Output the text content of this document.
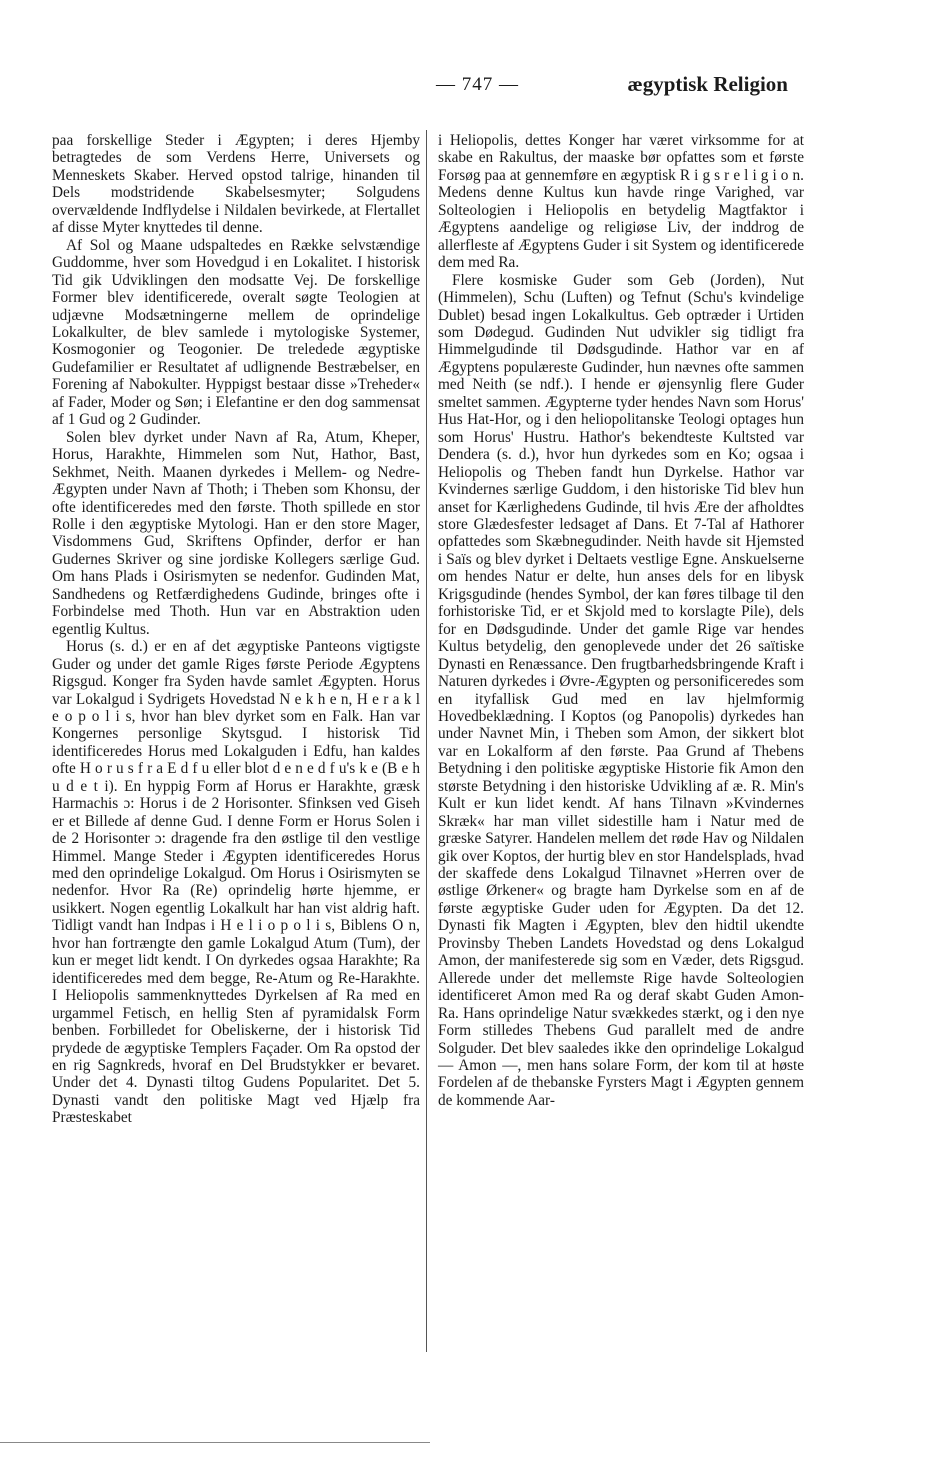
— 747 —	ægyptisk Religion

paa forskellige Steder i Ægypten; i deres Hjemby betragtedes de som Verdens Herre, Universets og Menneskets Skaber. Herved opstod talrige, hinanden til Dels modstridende Skabelsesmyter; Solgudens overvældende Indflydelse i Nildalen bevirkede, at Flertallet af disse Myter knyttedes til denne.

Af Sol og Maane udspaltedes en Række selvstændige Guddomme, hver som Hovedgud i en Lokalitet. I historisk Tid gik Udviklingen den modsatte Vej. De forskellige Former blev identificerede, overalt søgte Teologien at udjævne Modsætningerne mellem de oprindelige Lokalkulter, de blev samlede i mytologiske Systemer, Kosmogonier og Teogonier. De treledede ægyptiske Gudefamilier er Resultatet af udlignende Bestræbelser, en Forening af Nabokulter. Hyppigst bestaar disse »Treheder« af Fader, Moder og Søn; i Elefantine er den dog sammensat af 1 Gud og 2 Gudinder.

Solen blev dyrket under Navn af Ra, Atum, Kheper, Horus, Harakhte, Himmelen som Nut, Hathor, Bast, Sekhmet, Neith. Maanen dyrkedes i Mellem- og Nedre-Ægypten under Navn af Thoth; i Theben som Khonsu, der ofte identificeredes med den første. Thoth spillede en stor Rolle i den ægyptiske Mytologi. Han er den store Mager, Visdommens Gud, Skriftens Opfinder, derfor er han Gudernes Skriver og sine jordiske Kollegers særlige Gud. Om hans Plads i Osirismyten se nedenfor. Gudinden Mat, Sandhedens og Retfærdighedens Gudinde, bringes ofte i Forbindelse med Thoth. Hun var en Abstraktion uden egentlig Kultus.

Horus (s. d.) er en af det ægyptiske Panteons vigtigste Guder og under det gamle Riges første Periode Ægyptens Rigsgud. Konger fra Syden havde samlet Ægypten. Horus var Lokalgud i Sydrigets Hovedstad N e k h e n, H e r a k l e o p o l i s, hvor han blev dyrket som en Falk. Han var Kongernes personlige Skytsgud. I historisk Tid identificeredes Horus med Lokalguden i Edfu, han kaldes ofte H o r u s f r a E d f u eller blot d e n e d f u's k e (B e h u d e t i). En hyppig Form af Horus er Harakhte, græsk Harmachis ɔ: Horus i de 2 Horisonter. Sfinksen ved Giseh er et Billede af denne Gud. I denne Form er Horus Solen i de 2 Horisonter ɔ: dragende fra den østlige til den vestlige Himmel. Mange Steder i Ægypten identificeredes Horus med den oprindelige Lokalgud. Om Horus i Osirismyten se nedenfor. Hvor Ra (Re) oprindelig hørte hjemme, er usikkert. Nogen egentlig Lokalkult har han vist aldrig haft. Tidligt vandt han Indpas i H e l i o p o l i s, Biblens O n, hvor han fortrængte den gamle Lokalgud Atum (Tum), der kun er meget lidt kendt. I On dyrkedes ogsaa Harakhte; Ra identificeredes med dem begge, Re-Atum og Re-Harakhte. I Heliopolis sammenknyttedes Dyrkelsen af Ra med en urgammel Fetisch, en hellig Sten af pyramidalsk Form benben. Forbilledet for Obeliskerne, der i historisk Tid prydede de ægyptiske Templers Façader. Om Ra opstod der en rig Sagnkreds, hvoraf en Del Brudstykker er bevaret. Under det 4. Dynasti tiltog Gudens Popularitet. Det 5. Dynasti vandt den politiske Magt ved Hjælp fra Præsteskabet

i Heliopolis, dettes Konger har været virksomme for at skabe en Rakultus, der maaske bør opfattes som et første Forsøg paa at gennemføre en ægyptisk R i g s r e l i g i o n. Medens denne Kultus kun havde ringe Varighed, var Solteologien i Heliopolis en betydelig Magtfaktor i Ægyptens aandelige og religiøse Liv, der inddrog de allerfleste af Ægyptens Guder i sit System og identificerede dem med Ra.

Flere kosmiske Guder som Geb (Jorden), Nut (Himmelen), Schu (Luften) og Tefnut (Schu's kvindelige Dublet) besad ingen Lokalkultus. Geb optræder i Urtiden som Dødegud. Gudinden Nut udvikler sig tidligt fra Himmelgudinde til Dødsgudinde. Hathor var en af Ægyptens populæreste Gudinder, hun nævnes ofte sammen med Neith (se ndf.). I hende er øjensynlig flere Guder smeltet sammen. Ægypterne tyder hendes Navn som Horus' Hus Hat-Hor, og i den heliopolitanske Teologi optages hun som Horus' Hustru. Hathor's bekendteste Kultsted var Dendera (s. d.), hvor hun dyrkedes som en Ko; ogsaa i Heliopolis og Theben fandt hun Dyrkelse. Hathor var Kvindernes særlige Guddom, i den historiske Tid blev hun anset for Kærlighedens Gudinde, til hvis Ære der afholdtes store Glædesfester ledsaget af Dans. Et 7-Tal af Hathorer opfattedes som Skæbnegudinder. Neith havde sit Hjemsted i Saïs og blev dyrket i Deltaets vestlige Egne. Anskuelserne om hendes Natur er delte, hun anses dels for en libysk Krigsgudinde (hendes Symbol, der kan føres tilbage til den forhistoriske Tid, er et Skjold med to korslagte Pile), dels for en Dødsgudinde. Under det gamle Rige var hendes Kultus betydelig, den genoplevede under det 26 saïtiske Dynasti en Renæssance. Den frugtbarhedsbringende Kraft i Naturen dyrkedes i Øvre-Ægypten og personificeredes som en ityfallisk Gud med en lav hjelmformig Hovedbeklædning. I Koptos (og Panopolis) dyrkedes han under Navnet Min, i Theben som Amon, der sikkert blot var en Lokalform af den første. Paa Grund af Thebens Betydning i den politiske ægyptiske Historie fik Amon den største Betydning i den historiske Udvikling af æ. R. Min's Kult er kun lidet kendt. Af hans Tilnavn »Kvindernes Skræk« har man villet sidestille ham i Natur med de græske Satyrer. Handelen mellem det røde Hav og Nildalen gik over Koptos, der hurtig blev en stor Handelsplads, hvad der skaffede dens Lokalgud Tilnavnet »Herren over de østlige Ørkener« og bragte ham Dyrkelse som en af de første ægyptiske Guder uden for Ægypten. Da det 12. Dynasti fik Magten i Ægypten, blev den hidtil ukendte Provinsby Theben Landets Hovedstad og dens Lokalgud Amon, der manifesterede sig som en Væder, dets Rigsgud. Allerede under det mellemste Rige havde Solteologien identificeret Amon med Ra og deraf skabt Guden Amon-Ra. Hans oprindelige Natur svækkedes stærkt, og i den nye Form stilledes Thebens Gud parallelt med de andre Solguder. Det blev saaledes ikke den oprindelige Lokalgud — Amon —, men hans solare Form, der kom til at høste Fordelen af de thebanske Fyrsters Magt i Ægypten gennem de kommende Aar-
